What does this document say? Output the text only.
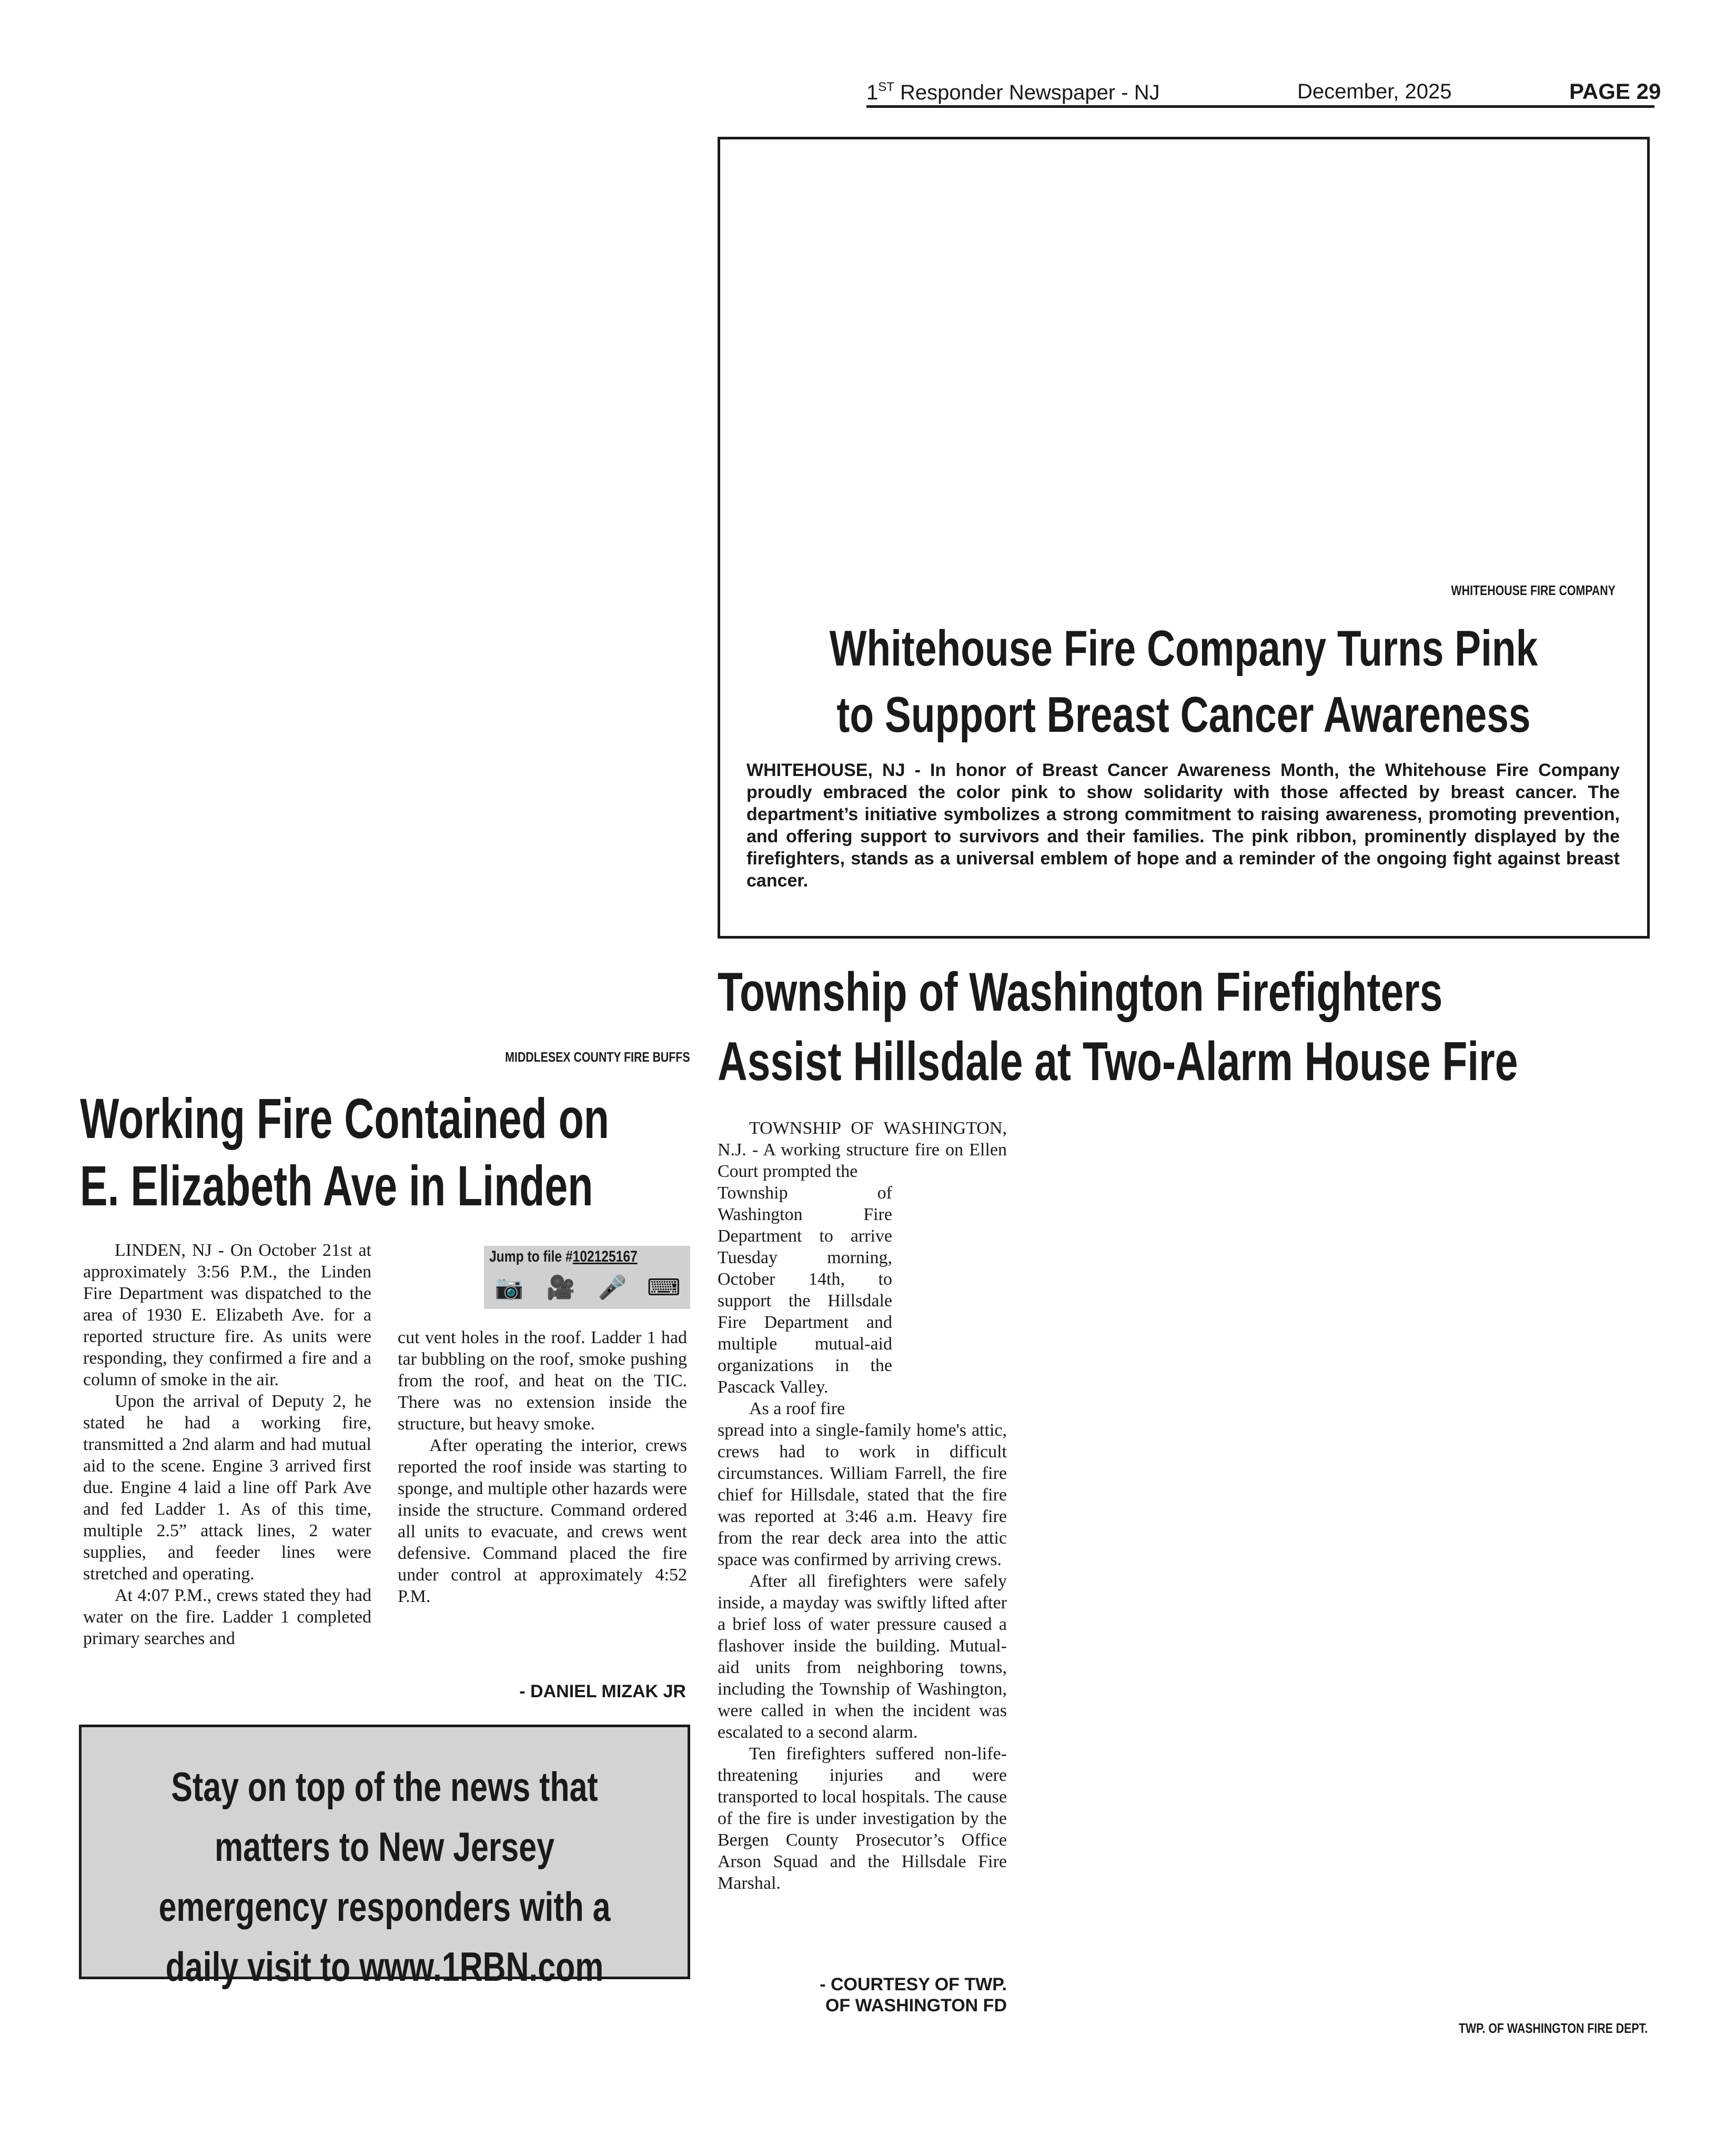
1ST Responder Newspaper - NJ	December, 2025	PAGE 29
WHITEHOUSE FIRE COMPANY
Whitehouse Fire Company Turns Pink
to Support Breast Cancer Awareness
WHITEHOUSE, NJ - In honor of Breast Cancer Awareness Month, the Whitehouse Fire Company proudly embraced the color pink to show solidarity with those affected by breast cancer. The department’s initiative symbolizes a strong commitment to raising awareness, promoting prevention, and offering support to survivors and their families. The pink ribbon, prominently displayed by the firefighters, stands as a universal emblem of hope and a reminder of the ongoing fight against breast cancer.
Township of Washington Firefighters
Assist Hillsdale at Two-Alarm House Fire
MIDDLESEX COUNTY FIRE BUFFS
Working Fire Contained on
E. Elizabeth Ave in Linden

LINDEN, NJ - On October 21st at approximately 3:56 P.M., the Linden Fire Department was dispatched to the area of 1930 E. Elizabeth Ave. for a reported structure fire. As units were responding, they confirmed a fire and a column of smoke in the air.

Upon the arrival of Deputy 2, he stated he had a working fire, transmitted a 2nd alarm and had mutual aid to the scene. Engine 3 arrived first due. Engine 4 laid a line off Park Ave and fed Ladder 1. As of this time, multiple 2.5” attack lines, 2 water supplies, and feeder lines were stretched and operating.

At 4:07 P.M., crews stated they had water on the fire. Ladder 1 completed primary searches and

Jump to file #102125167
📷 🎥 🎤 ⌨

cut vent holes in the roof. Ladder 1 had tar bubbling on the roof, smoke pushing from the roof, and heat on the TIC. There was no extension inside the structure, but heavy smoke.

After operating the interior, crews reported the roof inside was starting to sponge, and multiple other hazards were inside the structure. Command ordered all units to evacuate, and crews went defensive. Command placed the fire under control at approximately 4:52 P.M.

- DANIEL MIZAK JR
Stay on top of the news that
matters to New Jersey
emergency responders with a
daily visit to www.1RBN.com

TOWNSHIP OF WASHINGTON, N.J. - A working structure fire on Ellen Court prompted the
Township of Washington Fire Department to arrive Tuesday morning, October 14th, to support the Hillsdale Fire Department and multiple mutual-aid organizations in the Pascack Valley.

As a roof fire
spread into a single-family home's attic, crews had to work in difficult circumstances. William Farrell, the fire chief for Hillsdale, stated that the fire was reported at 3:46 a.m. Heavy fire from the rear deck area into the attic space was confirmed by arriving crews.

After all firefighters were safely inside, a mayday was swiftly lifted after a brief loss of water pressure caused a flashover inside the building. Mutual-aid units from neighboring towns, including the Township of Washington, were called in when the incident was escalated to a second alarm.

Ten firefighters suffered non-life-threatening injuries and were transported to local hospitals. The cause of the fire is under investigation by the Bergen County Prosecutor’s Office Arson Squad and the Hillsdale Fire Marshal.

- COURTESY OF TWP.
OF WASHINGTON FD
TWP. OF WASHINGTON FIRE DEPT.
